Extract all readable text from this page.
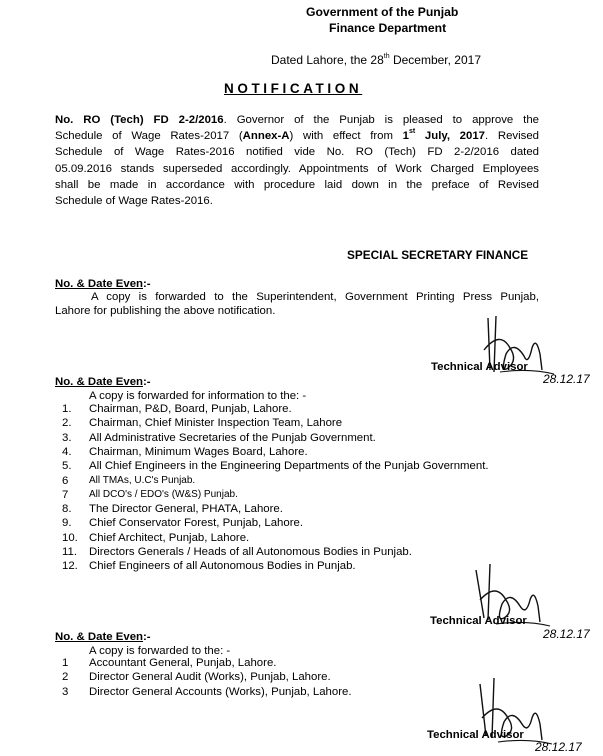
Government of the Punjab
Finance Department
Dated Lahore, the 28th December, 2017
NOTIFICATION
No. RO (Tech) FD 2-2/2016. Governor of the Punjab is pleased to approve the
Schedule of Wage Rates-2017 (Annex-A) with effect from 1st July, 2017. Revised
Schedule of Wage Rates-2016 notified vide No. RO (Tech) FD 2-2/2016 dated
05.09.2016 stands superseded accordingly. Appointments of Work Charged Employees
shall be made in accordance with procedure laid down in the preface of Revised
Schedule of Wage Rates-2016.
SPECIAL SECRETARY FINANCE
No. & Date Even:-
A copy is forwarded to the Superintendent, Government Printing Press Punjab,
Lahore for publishing the above notification.
Technical Advisor
28.12.17
No. & Date Even:-
A copy is forwarded for information to the: -
1. Chairman, P&D, Board, Punjab, Lahore.
2. Chairman, Chief Minister Inspection Team, Lahore
3. All Administrative Secretaries of the Punjab Government.
4. Chairman, Minimum Wages Board, Lahore.
5. All Chief Engineers in the Engineering Departments of the Punjab Government.
6 All TMAs, U.C's Punjab.
7 All DCO's / EDO's (W&S) Punjab.
8. The Director General, PHATA, Lahore.
9. Chief Conservator Forest, Punjab, Lahore.
10. Chief Architect, Punjab, Lahore.
11. Directors Generals / Heads of all Autonomous Bodies in Punjab.
12. Chief Engineers of all Autonomous Bodies in Punjab.
Technical Advisor
28.12.17
No. & Date Even:-
A copy is forwarded to the: -
1 Accountant General, Punjab, Lahore.
2 Director General Audit (Works), Punjab, Lahore.
3 Director General Accounts (Works), Punjab, Lahore.
Technical Advisor
28.12.17
